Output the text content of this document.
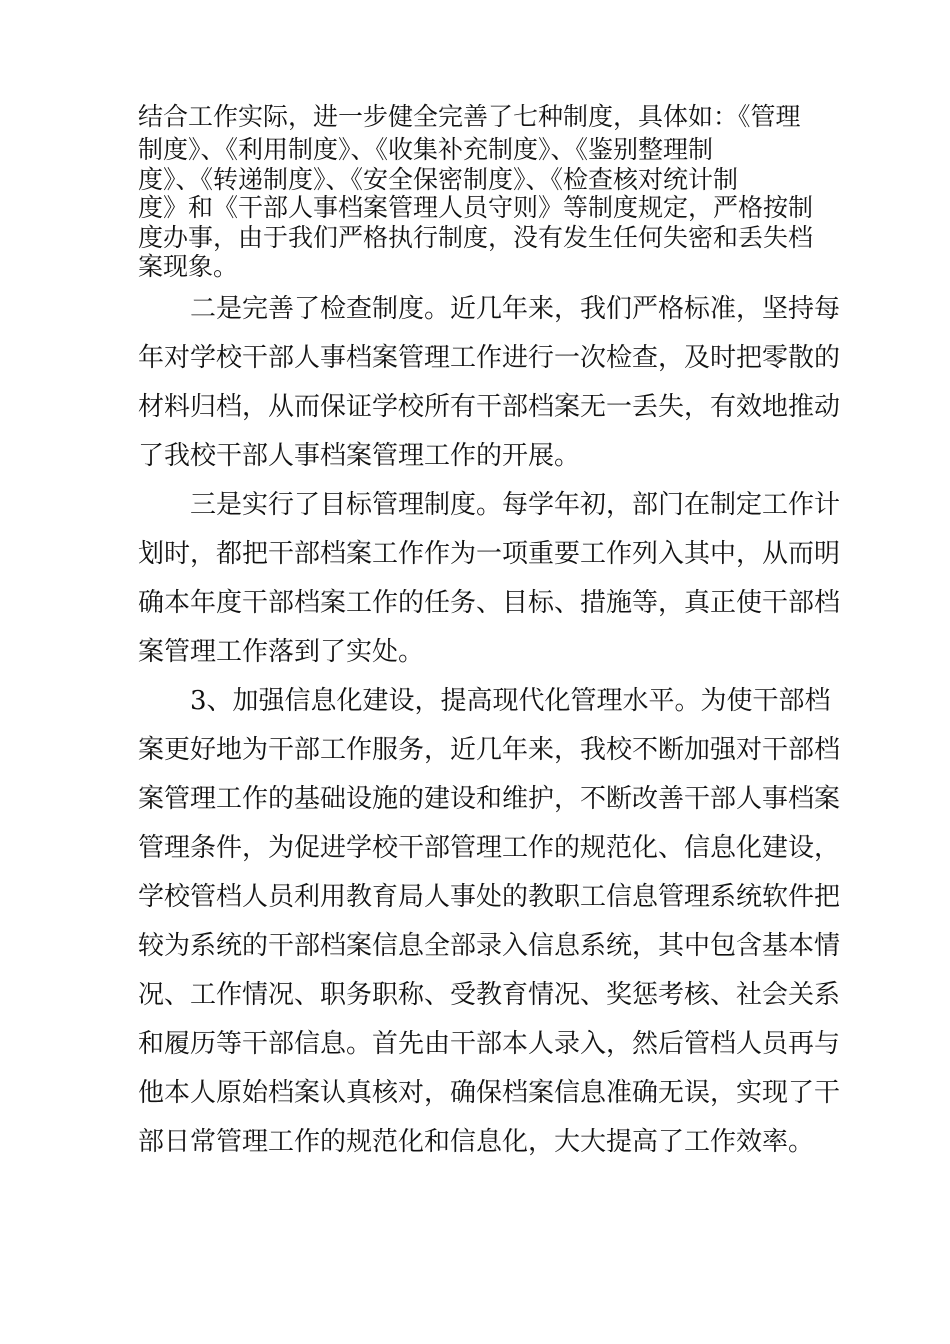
结合工作实际，进一步健全完善了七种制度，具体如：《管理
制度》、《利用制度》、《收集补充制度》、《鉴别整理制
度》、《转递制度》、《安全保密制度》、《检查核对统计制
度》和《干部人事档案管理人员守则》等制度规定，严格按制
度办事，由于我们严格执行制度，没有发生任何失密和丢失档
案现象。
二是完善了检查制度。近几年来，我们严格标准，坚持每
年对学校干部人事档案管理工作进行一次检查，及时把零散的
材料归档，从而保证学校所有干部档案无一丢失，有效地推动
了我校干部人事档案管理工作的开展。
三是实行了目标管理制度。每学年初，部门在制定工作计
划时，都把干部档案工作作为一项重要工作列入其中，从而明
确本年度干部档案工作的任务、目标、措施等，真正使干部档
案管理工作落到了实处。
3、加强信息化建设，提高现代化管理水平。为使干部档
案更好地为干部工作服务，近几年来，我校不断加强对干部档
案管理工作的基础设施的建设和维护，不断改善干部人事档案
管理条件，为促进学校干部管理工作的规范化、信息化建设，
学校管档人员利用教育局人事处的教职工信息管理系统软件把
较为系统的干部档案信息全部录入信息系统，其中包含基本情
况、工作情况、职务职称、受教育情况、奖惩考核、社会关系
和履历等干部信息。首先由干部本人录入，然后管档人员再与
他本人原始档案认真核对，确保档案信息准确无误，实现了干
部日常管理工作的规范化和信息化，大大提高了工作效率。
